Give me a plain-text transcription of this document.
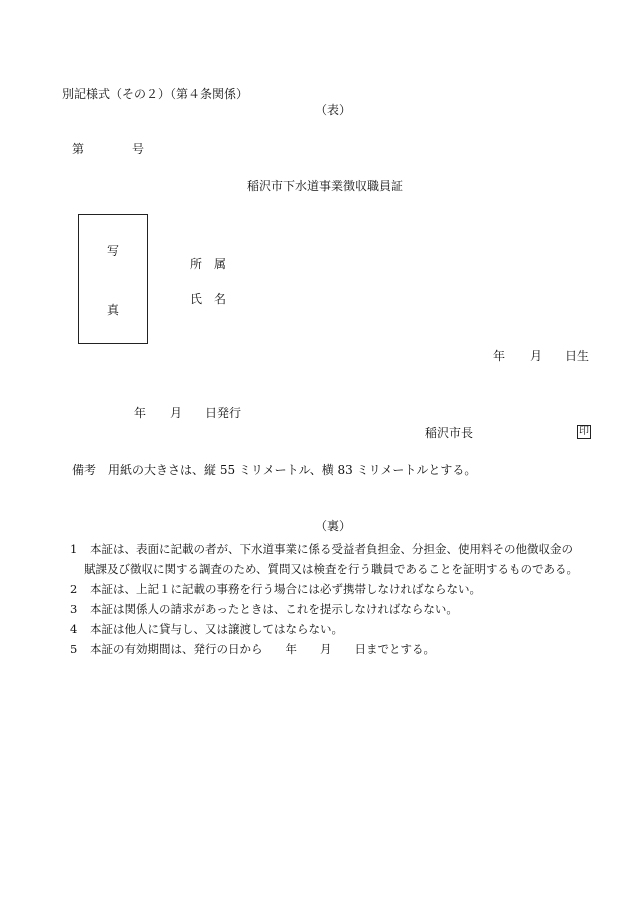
別記様式（その２）（第４条関係）
（表）
第	号
稲沢市下水道事業徴収職員証
写
真
所　属
氏　名
年 月 日生
年 月 日発行
稲沢市長	印
備考 用紙の大きさは、縦 55 ミリメートル、横 83 ミリメートルとする。
（裏）
1	本証は、表面に記載の者が、下水道事業に係る受益者負担金、分担金、使用料その他徴収金の
賦課及び徴収に関する調査のため、質問又は検査を行う職員であることを証明するものである。
2	本証は、上記１に記載の事務を行う場合には必ず携帯しなければならない。
3	本証は関係人の請求があったときは、これを提示しなければならない。
4	本証は他人に貸与し、又は譲渡してはならない。
5	本証の有効期間は、発行の日から　　年　　月　　日までとする。
